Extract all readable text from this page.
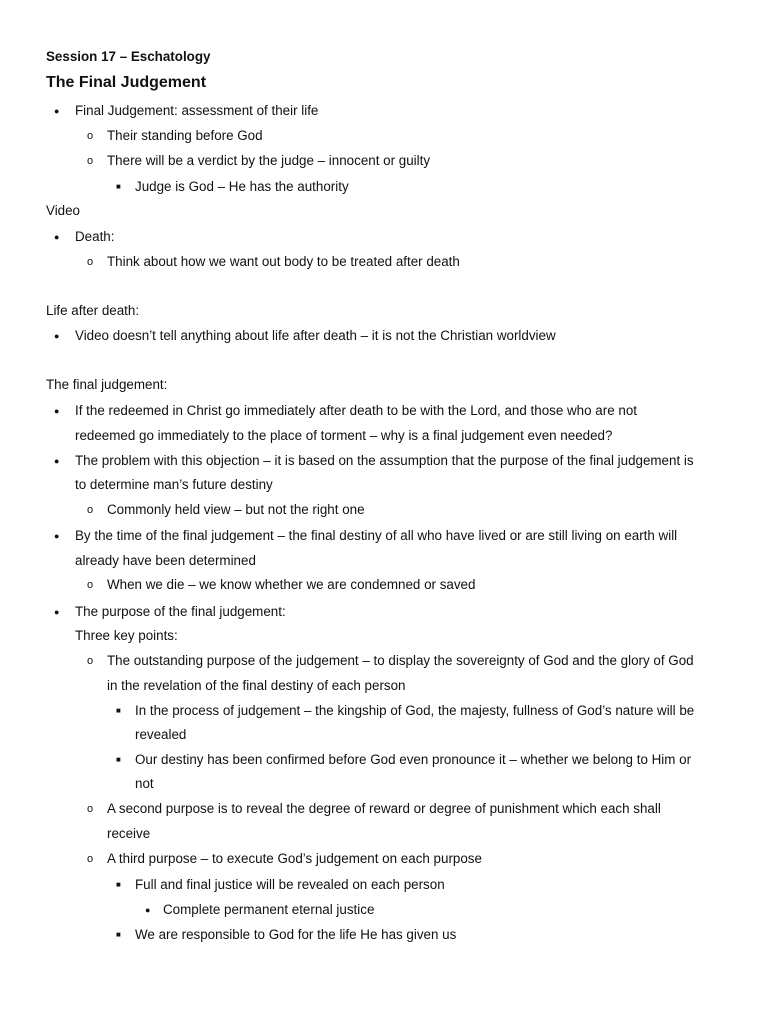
Session 17 – Eschatology
The Final Judgement
● Final Judgement: assessment of their life
o Their standing before God
o There will be a verdict by the judge – innocent or guilty
■ Judge is God – He has the authority
Video
● Death:
o Think about how we want out body to be treated after death
Life after death:
● Video doesn’t tell anything about life after death – it is not the Christian worldview
The final judgement:
● If the redeemed in Christ go immediately after death to be with the Lord, and those who are not
redeemed go immediately to the place of torment – why is a final judgement even needed?
● The problem with this objection – it is based on the assumption that the purpose of the final judgement is
to determine man’s future destiny
o Commonly held view – but not the right one
● By the time of the final judgement – the final destiny of all who have lived or are still living on earth will
already have been determined
o When we die – we know whether we are condemned or saved
● The purpose of the final judgement:
Three key points:
o The outstanding purpose of the judgement – to display the sovereignty of God and the glory of God
in the revelation of the final destiny of each person
■ In the process of judgement – the kingship of God, the majesty, fullness of God’s nature will be
revealed
■ Our destiny has been confirmed before God even pronounce it – whether we belong to Him or
not
o A second purpose is to reveal the degree of reward or degree of punishment which each shall
receive
o A third purpose – to execute God’s judgement on each purpose
■ Full and final justice will be revealed on each person
● Complete permanent eternal justice
■ We are responsible to God for the life He has given us
